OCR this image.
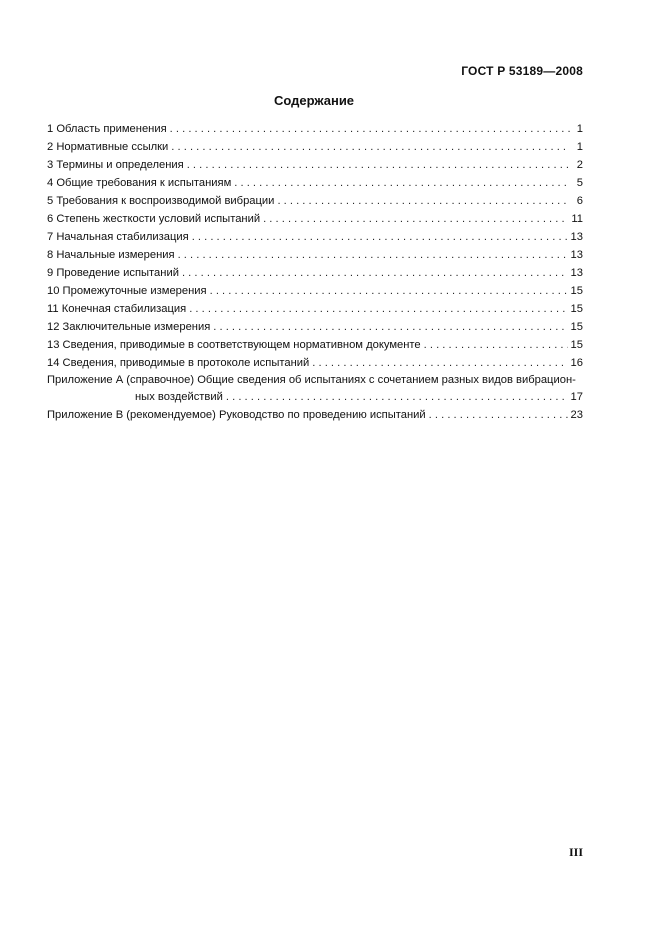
ГОСТ Р 53189—2008
Содержание
1 Область применения . . .	1
2 Нормативные ссылки . . .	1
3 Термины и определения . . .	2
4 Общие требования к испытаниям . . .	5
5 Требования к воспроизводимой вибрации . . .	6
6 Степень жесткости условий испытаний . . .	11
7 Начальная стабилизация . . .	13
8 Начальные измерения . . .	13
9 Проведение испытаний . . .	13
10 Промежуточные измерения . . .	15
11 Конечная стабилизация . . .	15
12 Заключительные измерения . . .	15
13 Сведения, приводимые в соответствующем нормативном документе . . .	15
14 Сведения, приводимые в протоколе испытаний . . .	16
Приложение А (справочное) Общие сведения об испытаниях с сочетанием разных видов вибрацион-
ных воздействий . . .	17
Приложение В (рекомендуемое) Руководство по проведению испытаний . . .	23
III
